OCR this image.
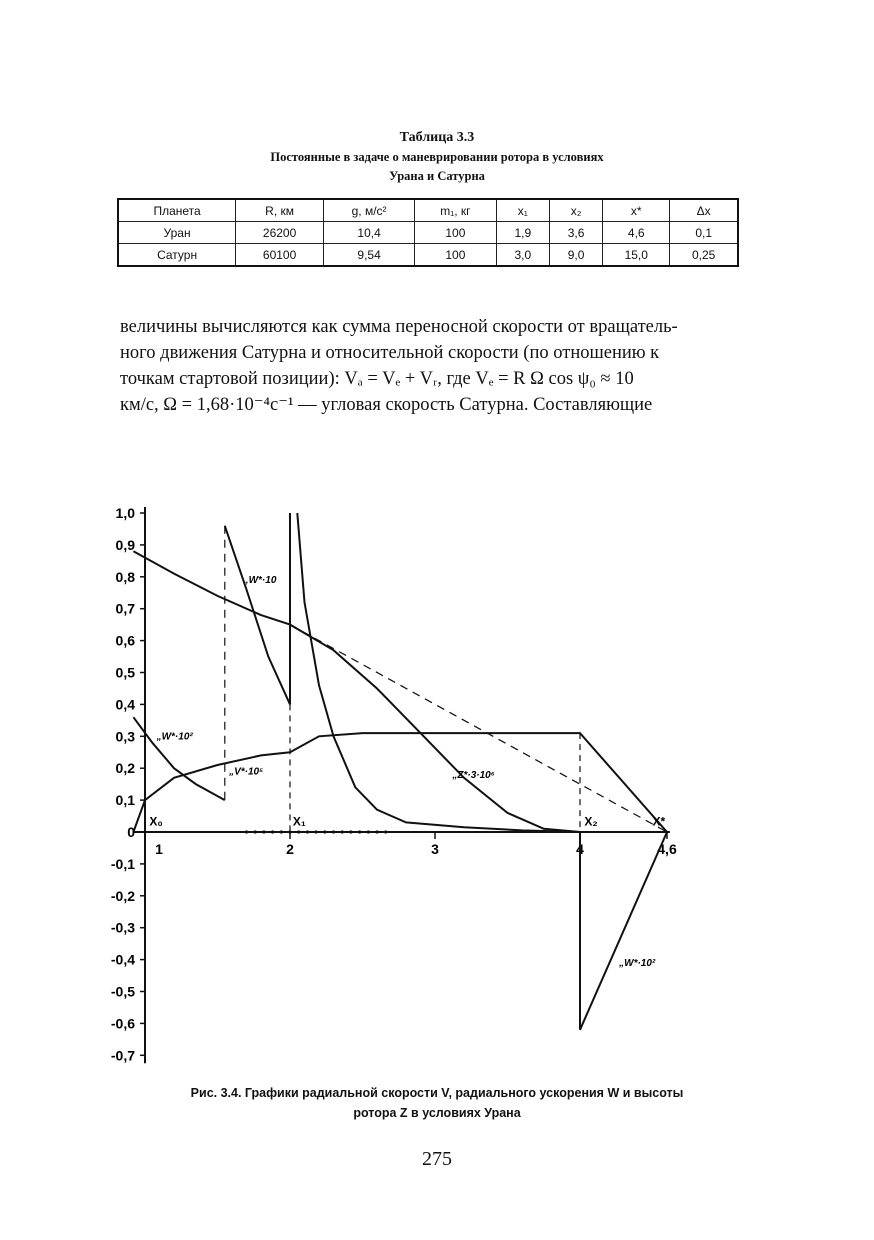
Таблица 3.3
Постоянные в задаче о маневрировании ротора в условиях
Урана и Сатурна
Планета	R, км	g, м/с²	m₁, кг	x₁	x₂	x*	Δx
Уран	26200	10,4	100	1,9	3,6	4,6	0,1
Сатурн	60100	9,54	100	3,0	9,0	15,0	0,25
величины вычисляются как сумма переносной скорости от вращатель-
ного движения Сатурна и относительной скорости (по отношению к
точкам стартовой позиции): Vₐ = Vₑ + Vᵣ, где Vₑ = R Ω cos ψ₀ ≈ 10
км/с, Ω = 1,68·10⁻⁴с⁻¹ — угловая скорость Сатурна. Составляющие
1,0
0,9
0,8
0,7
0,6
0,5
0,4
0,3
0,2
0,1
0
-0,1
-0,2
-0,3
-0,4
-0,5
-0,6
-0,7
1	2	3	4	4,6
„W*·10
„W*·10²
„V*·10⁵	„Z*·3·10⁶
„W*·10²
X₀	X₁	X₂	X*
Рис. 3.4. Графики радиальной скорости V, радиального ускорения W и высоты
ротора Z в условиях Урана
275
